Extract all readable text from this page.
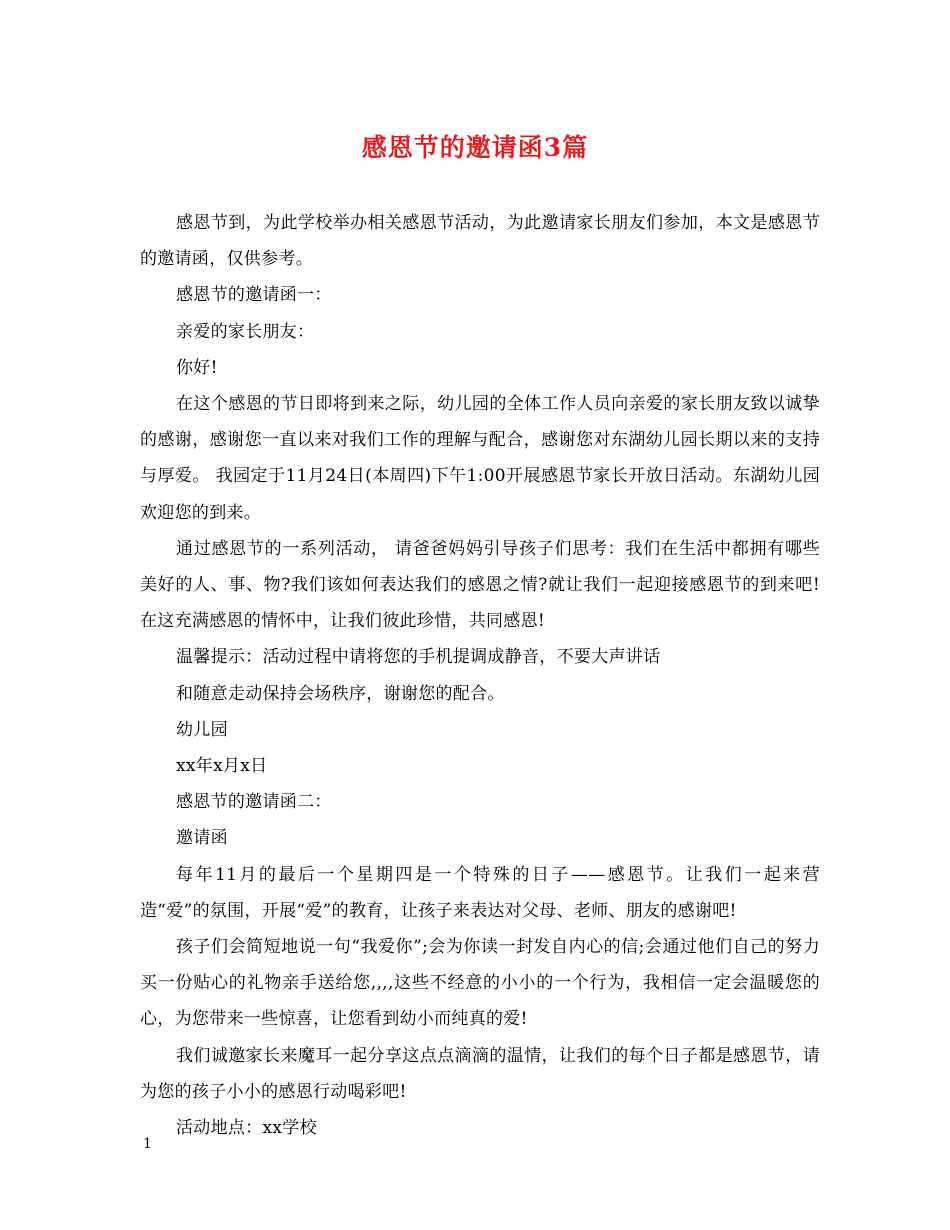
感恩节的邀请函3篇

感恩节到，为此学校举办相关感恩节活动，为此邀请家长朋友们参加，本文是感恩节的邀请函，仅供参考。

感恩节的邀请函一：

亲爱的家长朋友：

你好!

在这个感恩的节日即将到来之际，幼儿园的全体工作人员向亲爱的家长朋友致以诚挚的感谢，感谢您一直以来对我们工作的理解与配合，感谢您对东湖幼儿园长期以来的支持与厚爱。 我园定于11月24日(本周四)下午1:00开展感恩节家长开放日活动。东湖幼儿园欢迎您的到来。

通过感恩节的一系列活动， 请爸爸妈妈引导孩子们思考：我们在生活中都拥有哪些美好的人、事、物?我们该如何表达我们的感恩之情?就让我们一起迎接感恩节的到来吧!在这充满感恩的情怀中，让我们彼此珍惜，共同感恩!

温馨提示：活动过程中请将您的手机提调成静音，不要大声讲话

和随意走动保持会场秩序，谢谢您的配合。

幼儿园

xx年x月x日

感恩节的邀请函二：

邀请函

每年11月的最后一个星期四是一个特殊的日子——感恩节。让我们一起来营造“爱”的氛围，开展“爱”的教育，让孩子来表达对父母、老师、朋友的感谢吧!

孩子们会简短地说一句“我爱你”;会为你读一封发自内心的信;会通过他们自己的努力买一份贴心的礼物亲手送给您,,,,这些不经意的小小的一个行为，我相信一定会温暖您的心，为您带来一些惊喜，让您看到幼小而纯真的爱!

我们诚邀家长来魔耳一起分享这点点滴滴的温情，让我们的每个日子都是感恩节，请为您的孩子小小的感恩行动喝彩吧!

活动地点：xx学校

1
